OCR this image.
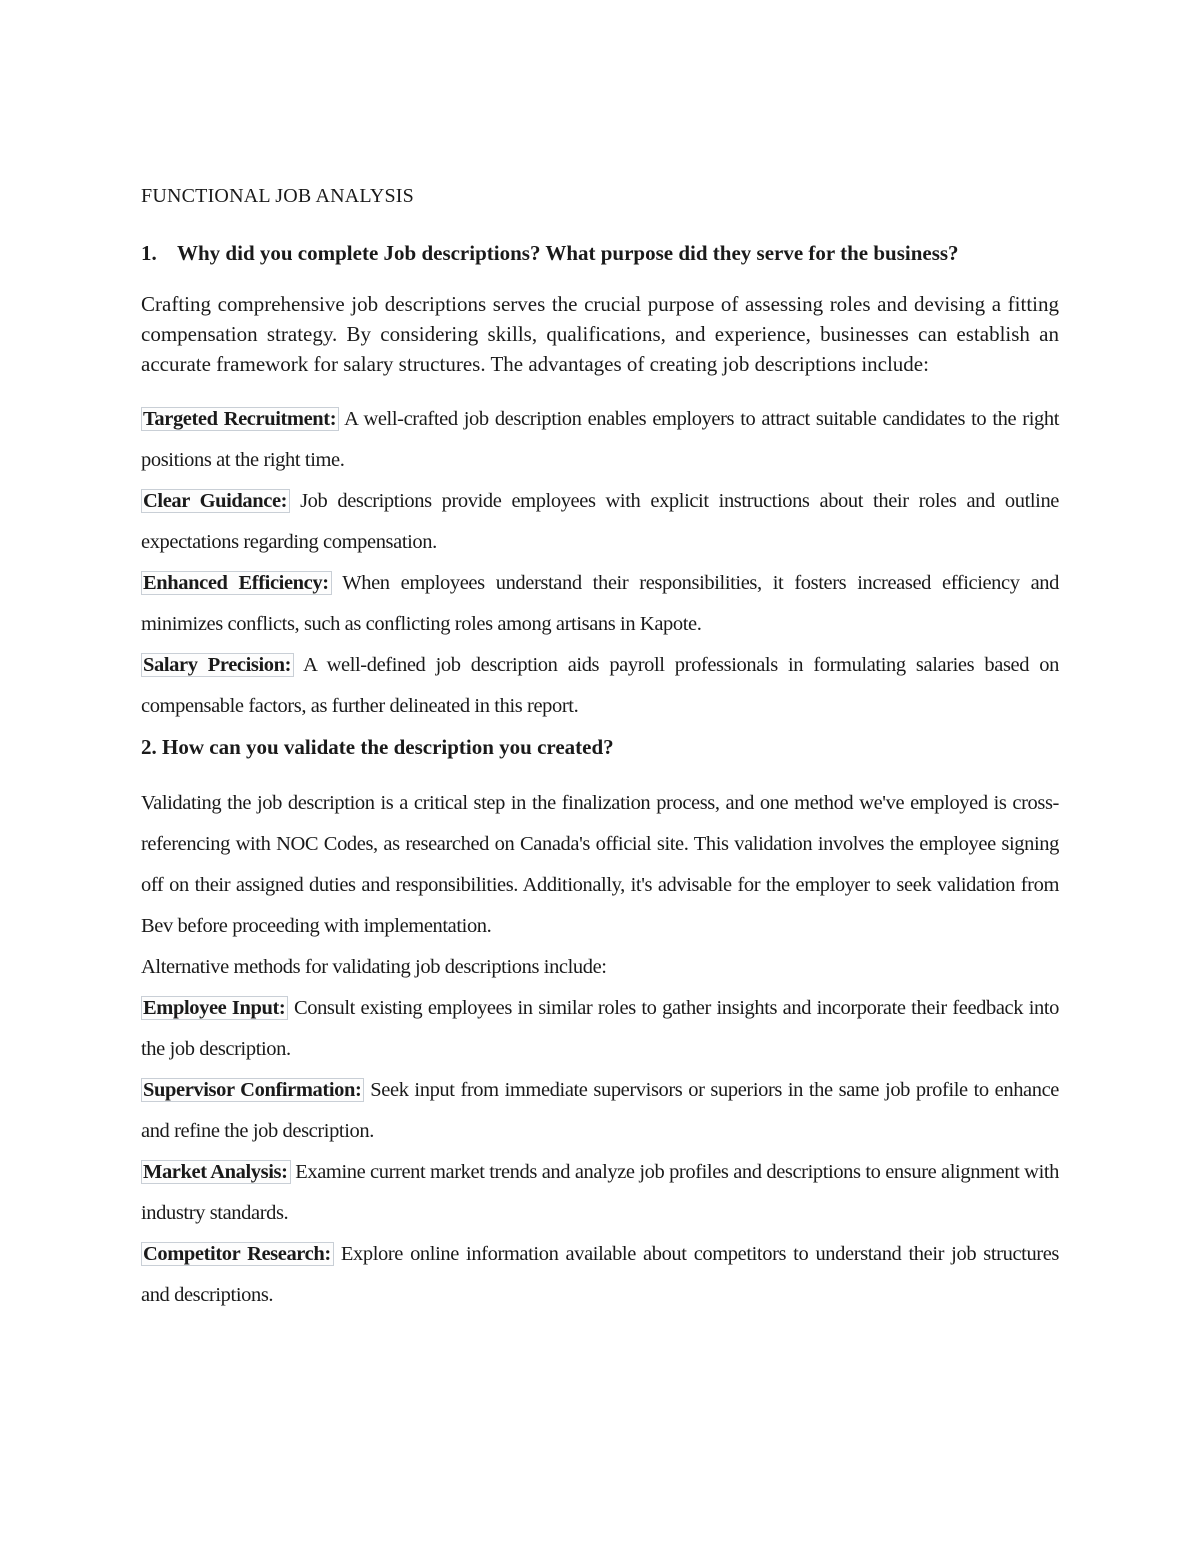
FUNCTIONAL JOB ANALYSIS
1. Why did you complete Job descriptions? What purpose did they serve for the business?

Crafting comprehensive job descriptions serves the crucial purpose of assessing roles and devising a fitting compensation strategy. By considering skills, qualifications, and experience, businesses can establish an accurate framework for salary structures. The advantages of creating job descriptions include:

Targeted Recruitment: A well-crafted job description enables employers to attract suitable candidates to the right positions at the right time.

Clear Guidance: Job descriptions provide employees with explicit instructions about their roles and outline expectations regarding compensation.

Enhanced Efficiency: When employees understand their responsibilities, it fosters increased efficiency and minimizes conflicts, such as conflicting roles among artisans in Kapote.

Salary Precision: A well-defined job description aids payroll professionals in formulating salaries based on compensable factors, as further delineated in this report.

2. How can you validate the description you created?

Validating the job description is a critical step in the finalization process, and one method we've employed is cross-referencing with NOC Codes, as researched on Canada's official site. This validation involves the employee signing off on their assigned duties and responsibilities. Additionally, it's advisable for the employer to seek validation from Bev before proceeding with implementation.

Alternative methods for validating job descriptions include:

Employee Input: Consult existing employees in similar roles to gather insights and incorporate their feedback into the job description.

Supervisor Confirmation: Seek input from immediate supervisors or superiors in the same job profile to enhance and refine the job description.

Market Analysis: Examine current market trends and analyze job profiles and descriptions to ensure alignment with industry standards.

Competitor Research: Explore online information available about competitors to understand their job structures and descriptions.
